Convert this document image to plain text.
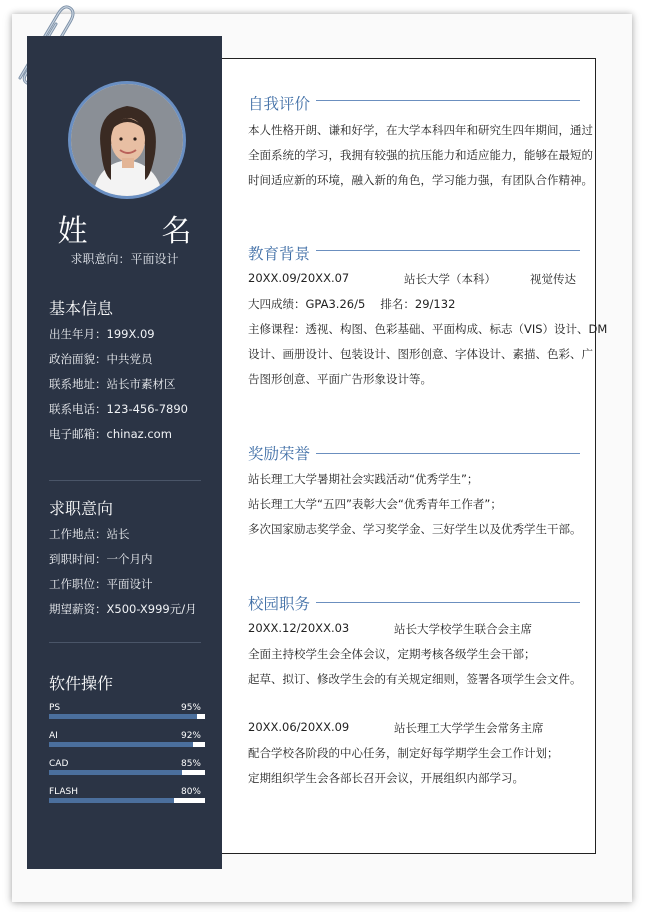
姓　名
求职意向：平面设计
基本信息
出生年月：199X.09
政治面貌：中共党员
联系地址：站长市素材区
联系电话：123-456-7890
电子邮箱：chinaz.com
求职意向
工作地点：站长
到职时间：一个月内
工作职位：平面设计
期望薪资：X500-X999元/月
软件操作
PS	95%
AI	92%
CAD	85%
FLASH	80%
自我评价
本人性格开朗、谦和好学，在大学本科四年和研究生四年期间，通过
全面系统的学习，我拥有较强的抗压能力和适应能力，能够在最短的
时间适应新的环境，融入新的角色，学习能力强，有团队合作精神。
教育背景
20XX.09/20XX.07	站长大学（本科）	视觉传达
大四成绩：GPA3.26/5　 排名：29/132
主修课程：透视、构图、色彩基础、平面构成、标志（VIS）设计、DM
设计、画册设计、包装设计、图形创意、字体设计、素描、色彩、广
告图形创意、平面广告形象设计等。
奖励荣誉
站长理工大学暑期社会实践活动“优秀学生”；
站长理工大学“五四”表彰大会“优秀青年工作者”；
多次国家励志奖学金、学习奖学金、三好学生以及优秀学生干部。
校园职务
20XX.12/20XX.03	站长大学校学生联合会主席
全面主持校学生会全体会议，定期考核各级学生会干部；
起草、拟订、修改学生会的有关规定细则，签署各项学生会文件。
20XX.06/20XX.09	站长理工大学学生会常务主席
配合学校各阶段的中心任务，制定好每学期学生会工作计划；
定期组织学生会各部长召开会议，开展组织内部学习。
